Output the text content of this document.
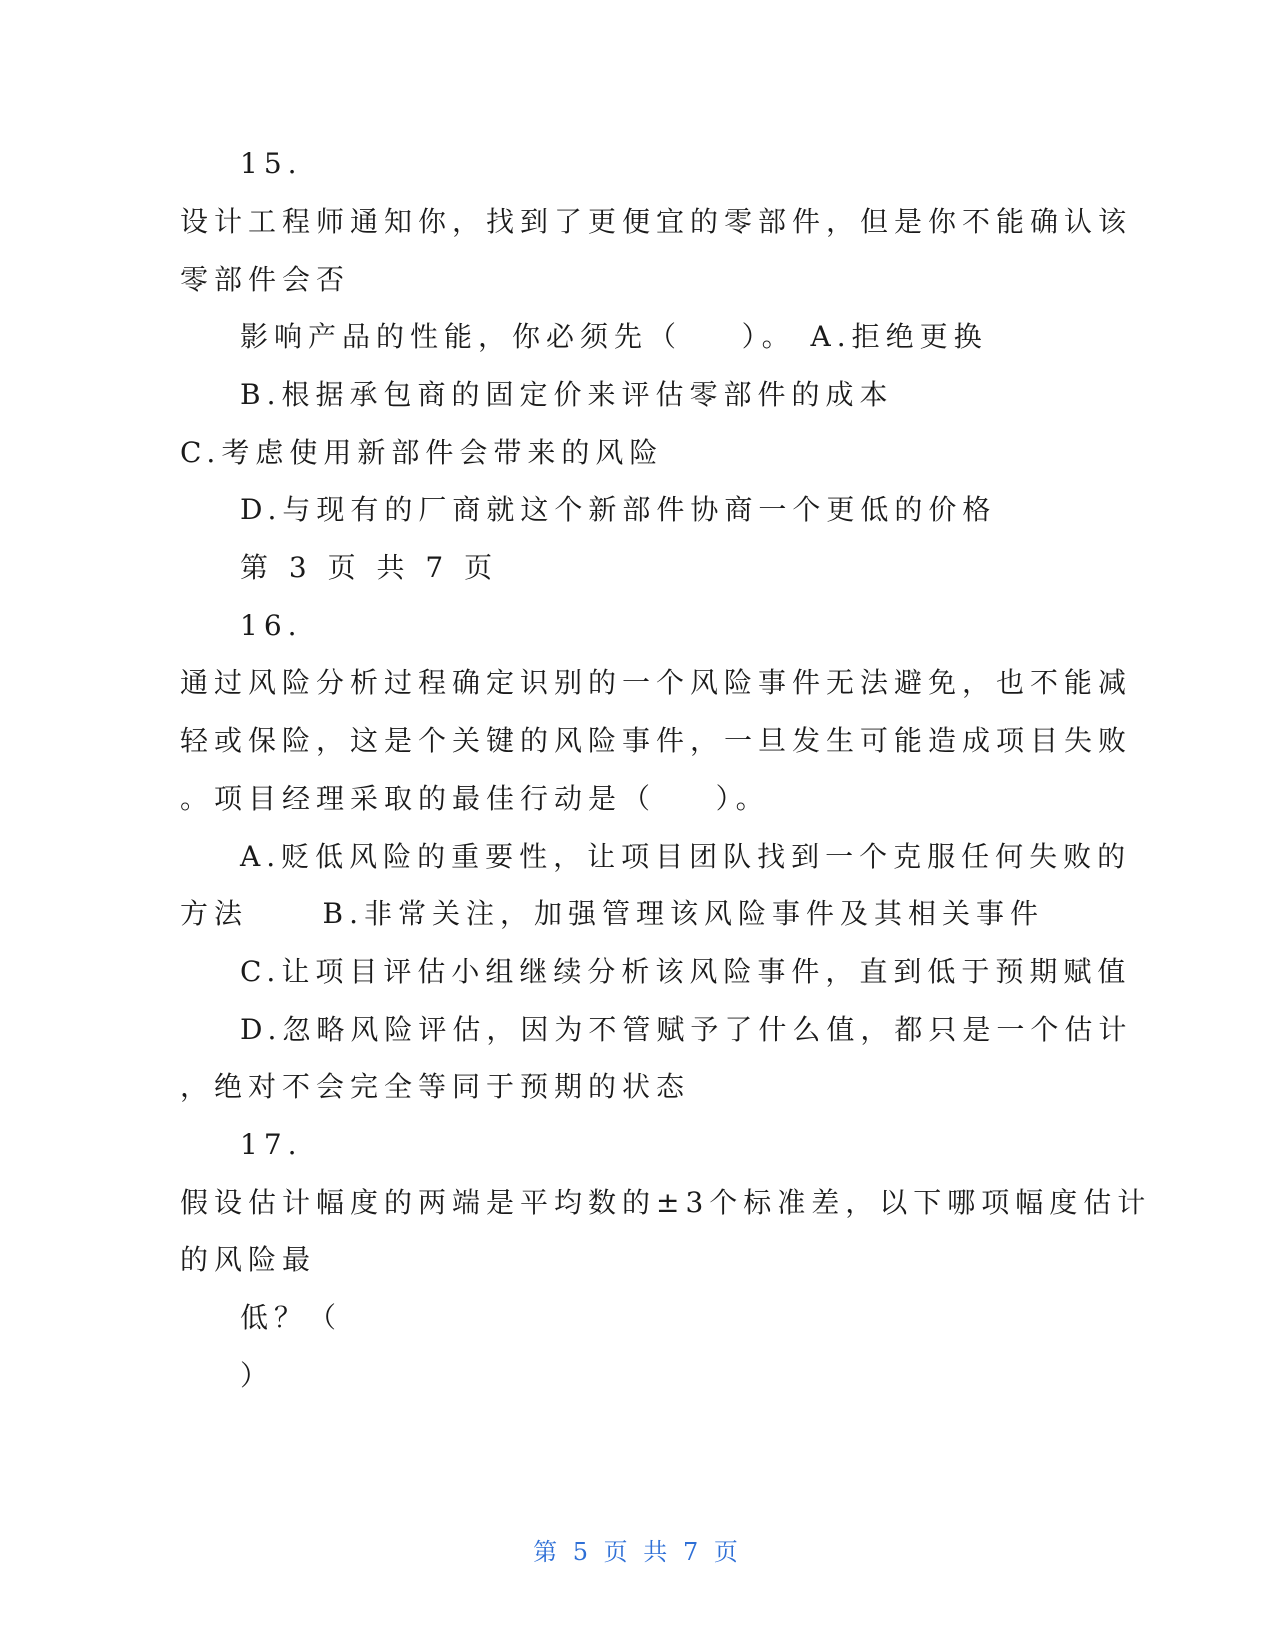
15.
设计工程师通知你，找到了更便宜的零部件，但是你不能确认该
零部件会否
影响产品的性能，你必须先（    ）。 A.拒绝更换
B.根据承包商的固定价来评估零部件的成本
C.考虑使用新部件会带来的风险
D.与现有的厂商就这个新部件协商一个更低的价格
第 3 页 共 7 页
16.
通过风险分析过程确定识别的一个风险事件无法避免，也不能减
轻或保险，这是个关键的风险事件，一旦发生可能造成项目失败
。项目经理采取的最佳行动是（    ）。
A.贬低风险的重要性，让项目团队找到一个克服任何失败的
方法     B.非常关注，加强管理该风险事件及其相关事件
C.让项目评估小组继续分析该风险事件，直到低于预期赋值
D.忽略风险评估，因为不管赋予了什么值，都只是一个估计
，绝对不会完全等同于预期的状态
17.
假设估计幅度的两端是平均数的±3个标准差，以下哪项幅度估计
的风险最
低？（
）
第 5 页 共 7 页
